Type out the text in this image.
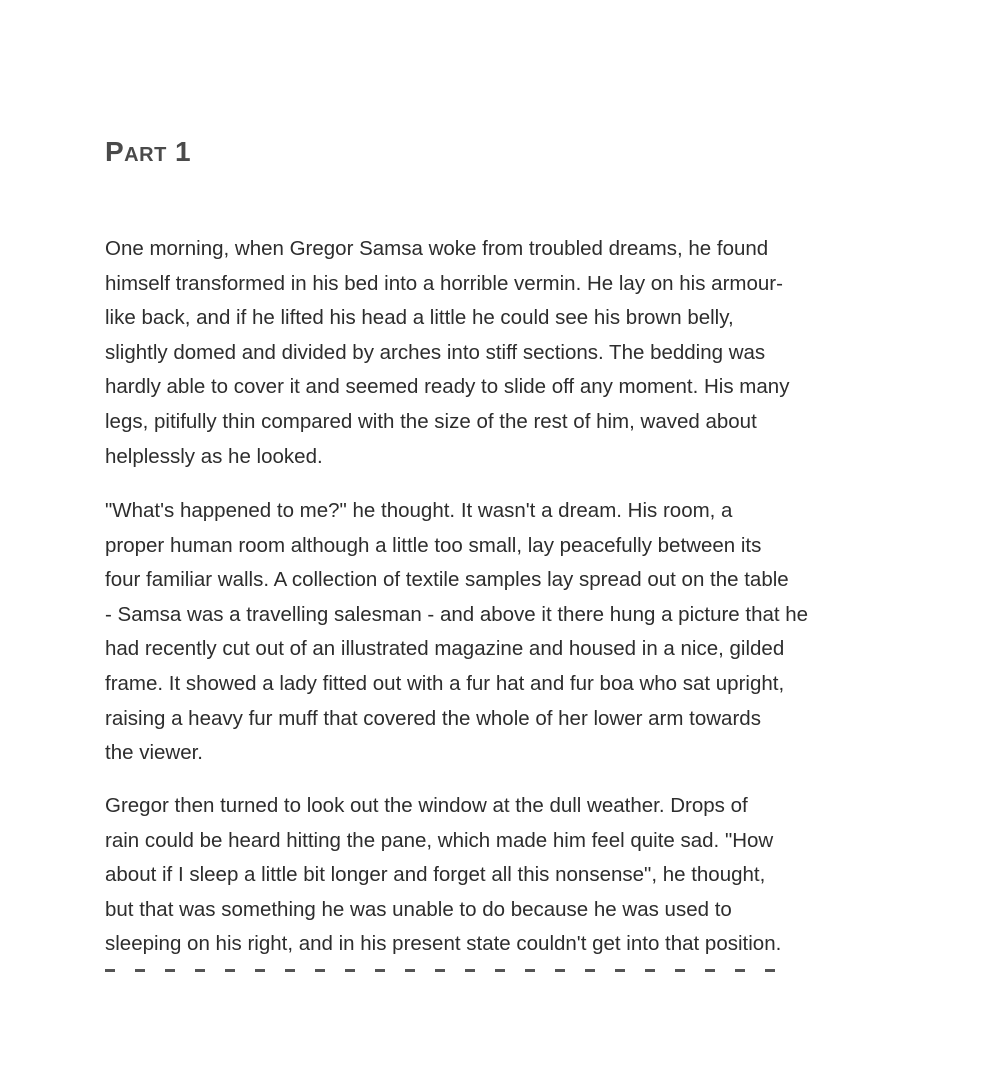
Part 1

One morning, when Gregor Samsa woke from troubled dreams, he found
himself transformed in his bed into a horrible vermin. He lay on his armour-
like back, and if he lifted his head a little he could see his brown belly,
slightly domed and divided by arches into stiff sections. The bedding was
hardly able to cover it and seemed ready to slide off any moment. His many
legs, pitifully thin compared with the size of the rest of him, waved about
helplessly as he looked.

"What's happened to me?" he thought. It wasn't a dream. His room, a
proper human room although a little too small, lay peacefully between its
four familiar walls. A collection of textile samples lay spread out on the table
- Samsa was a travelling salesman - and above it there hung a picture that he
had recently cut out of an illustrated magazine and housed in a nice, gilded
frame. It showed a lady fitted out with a fur hat and fur boa who sat upright,
raising a heavy fur muff that covered the whole of her lower arm towards
the viewer.

Gregor then turned to look out the window at the dull weather. Drops of
rain could be heard hitting the pane, which made him feel quite sad. "How
about if I sleep a little bit longer and forget all this nonsense", he thought,
but that was something he was unable to do because he was used to
sleeping on his right, and in his present state couldn't get into that position.
